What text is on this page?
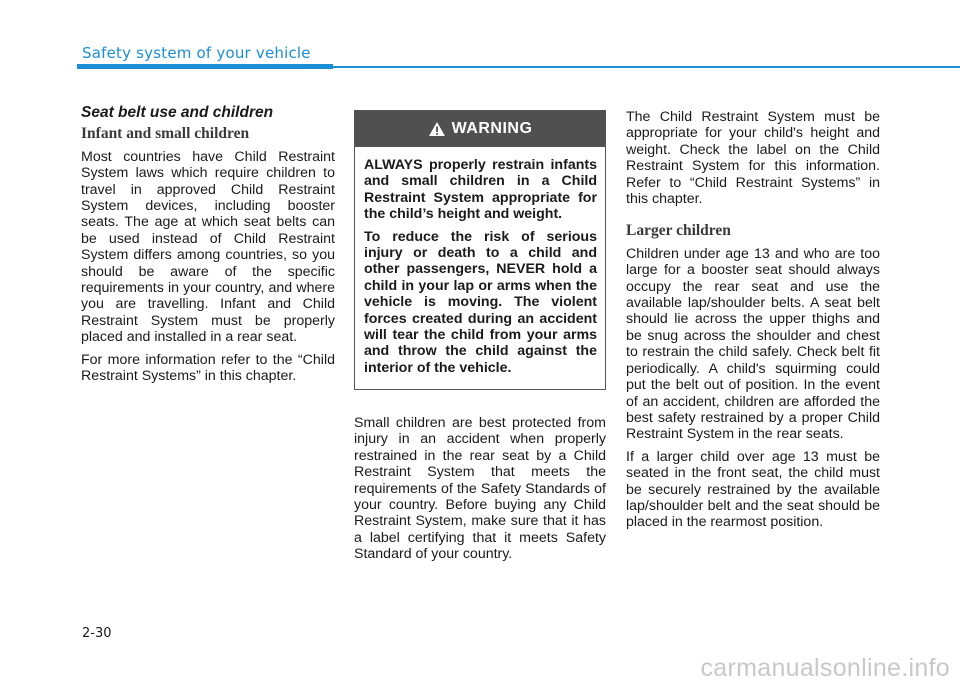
Safety system of your vehicle
Seat belt use and children
Infant and small children

Most countries have Child Restraint System laws which require children to travel in approved Child Restraint System devices, including booster seats. The age at which seat belts can be used instead of Child Restraint System differs among countries, so you should be aware of the specific requirements in your country, and where you are travelling. Infant and Child Restraint System must be properly placed and installed in a rear seat.

For more information refer to the “Child Restraint Systems” in this chapter.

WARNING

ALWAYS properly restrain infants and small children in a Child Restraint System appropriate for the child’s height and weight.

To reduce the risk of serious injury or death to a child and other passengers, NEVER hold a child in your lap or arms when the vehicle is moving. The violent forces created during an accident will tear the child from your arms and throw the child against the interior of the vehicle.

Small children are best protected from injury in an accident when properly restrained in the rear seat by a Child Restraint System that meets the requirements of the Safety Standards of your country. Before buying any Child Restraint System, make sure that it has a label certifying that it meets Safety Standard of your country.

The Child Restraint System must be appropriate for your child's height and weight. Check the label on the Child Restraint System for this information. Refer to “Child Restraint Systems” in this chapter.

Larger children

Children under age 13 and who are too large for a booster seat should always occupy the rear seat and use the available lap/shoulder belts. A seat belt should lie across the upper thighs and be snug across the shoulder and chest to restrain the child safely. Check belt fit periodically. A child's squirming could put the belt out of position. In the event of an accident, children are afforded the best safety restrained by a proper Child Restraint System in the rear seats.

If a larger child over age 13 must be seated in the front seat, the child must be securely restrained by the available lap/shoulder belt and the seat should be placed in the rearmost position.

2-30
carmanualsonline.info
